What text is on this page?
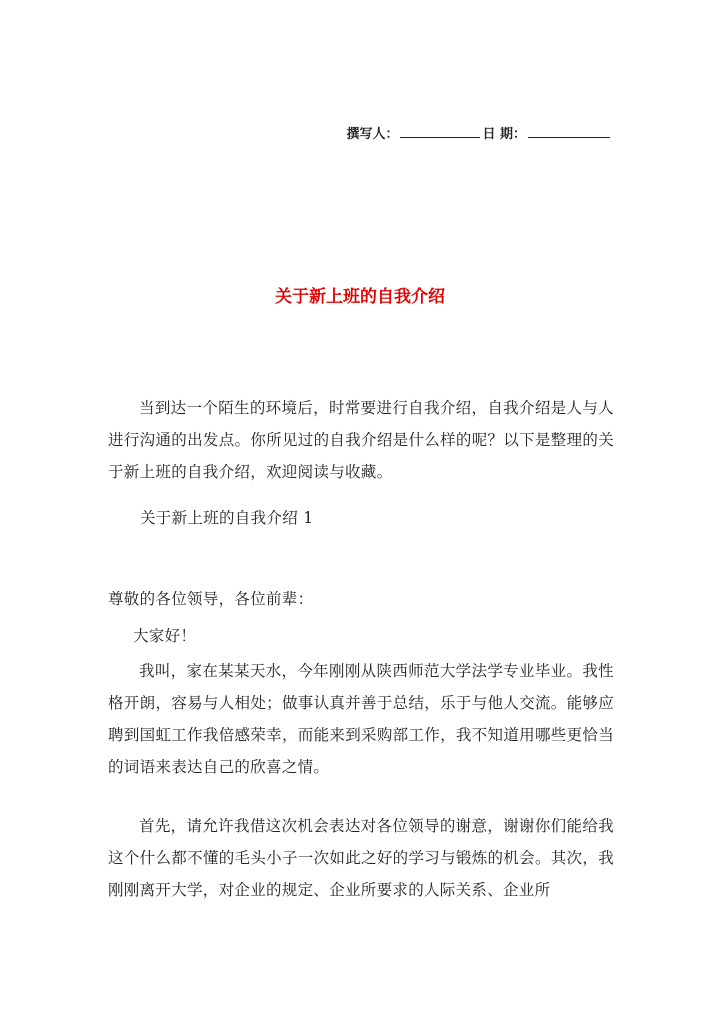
撰写人：	日 期：
关于新上班的自我介绍
当到达一个陌生的环境后，时常要进行自我介绍，自我介绍是人与人进行沟通的出发点。你所见过的自我介绍是什么样的呢？以下是整理的关于新上班的自我介绍，欢迎阅读与收藏。
关于新上班的自我介绍 1
尊敬的各位领导，各位前辈：
大家好！
我叫，家在某某天水，今年刚刚从陕西师范大学法学专业毕业。我性格开朗，容易与人相处；做事认真并善于总结，乐于与他人交流。能够应聘到国虹工作我倍感荣幸，而能来到采购部工作，我不知道用哪些更恰当的词语来表达自己的欣喜之情。
首先，请允许我借这次机会表达对各位领导的谢意，谢谢你们能给我这个什么都不懂的毛头小子一次如此之好的学习与锻炼的机会。其次，我刚刚离开大学，对企业的规定、企业所要求的人际关系、企业所
